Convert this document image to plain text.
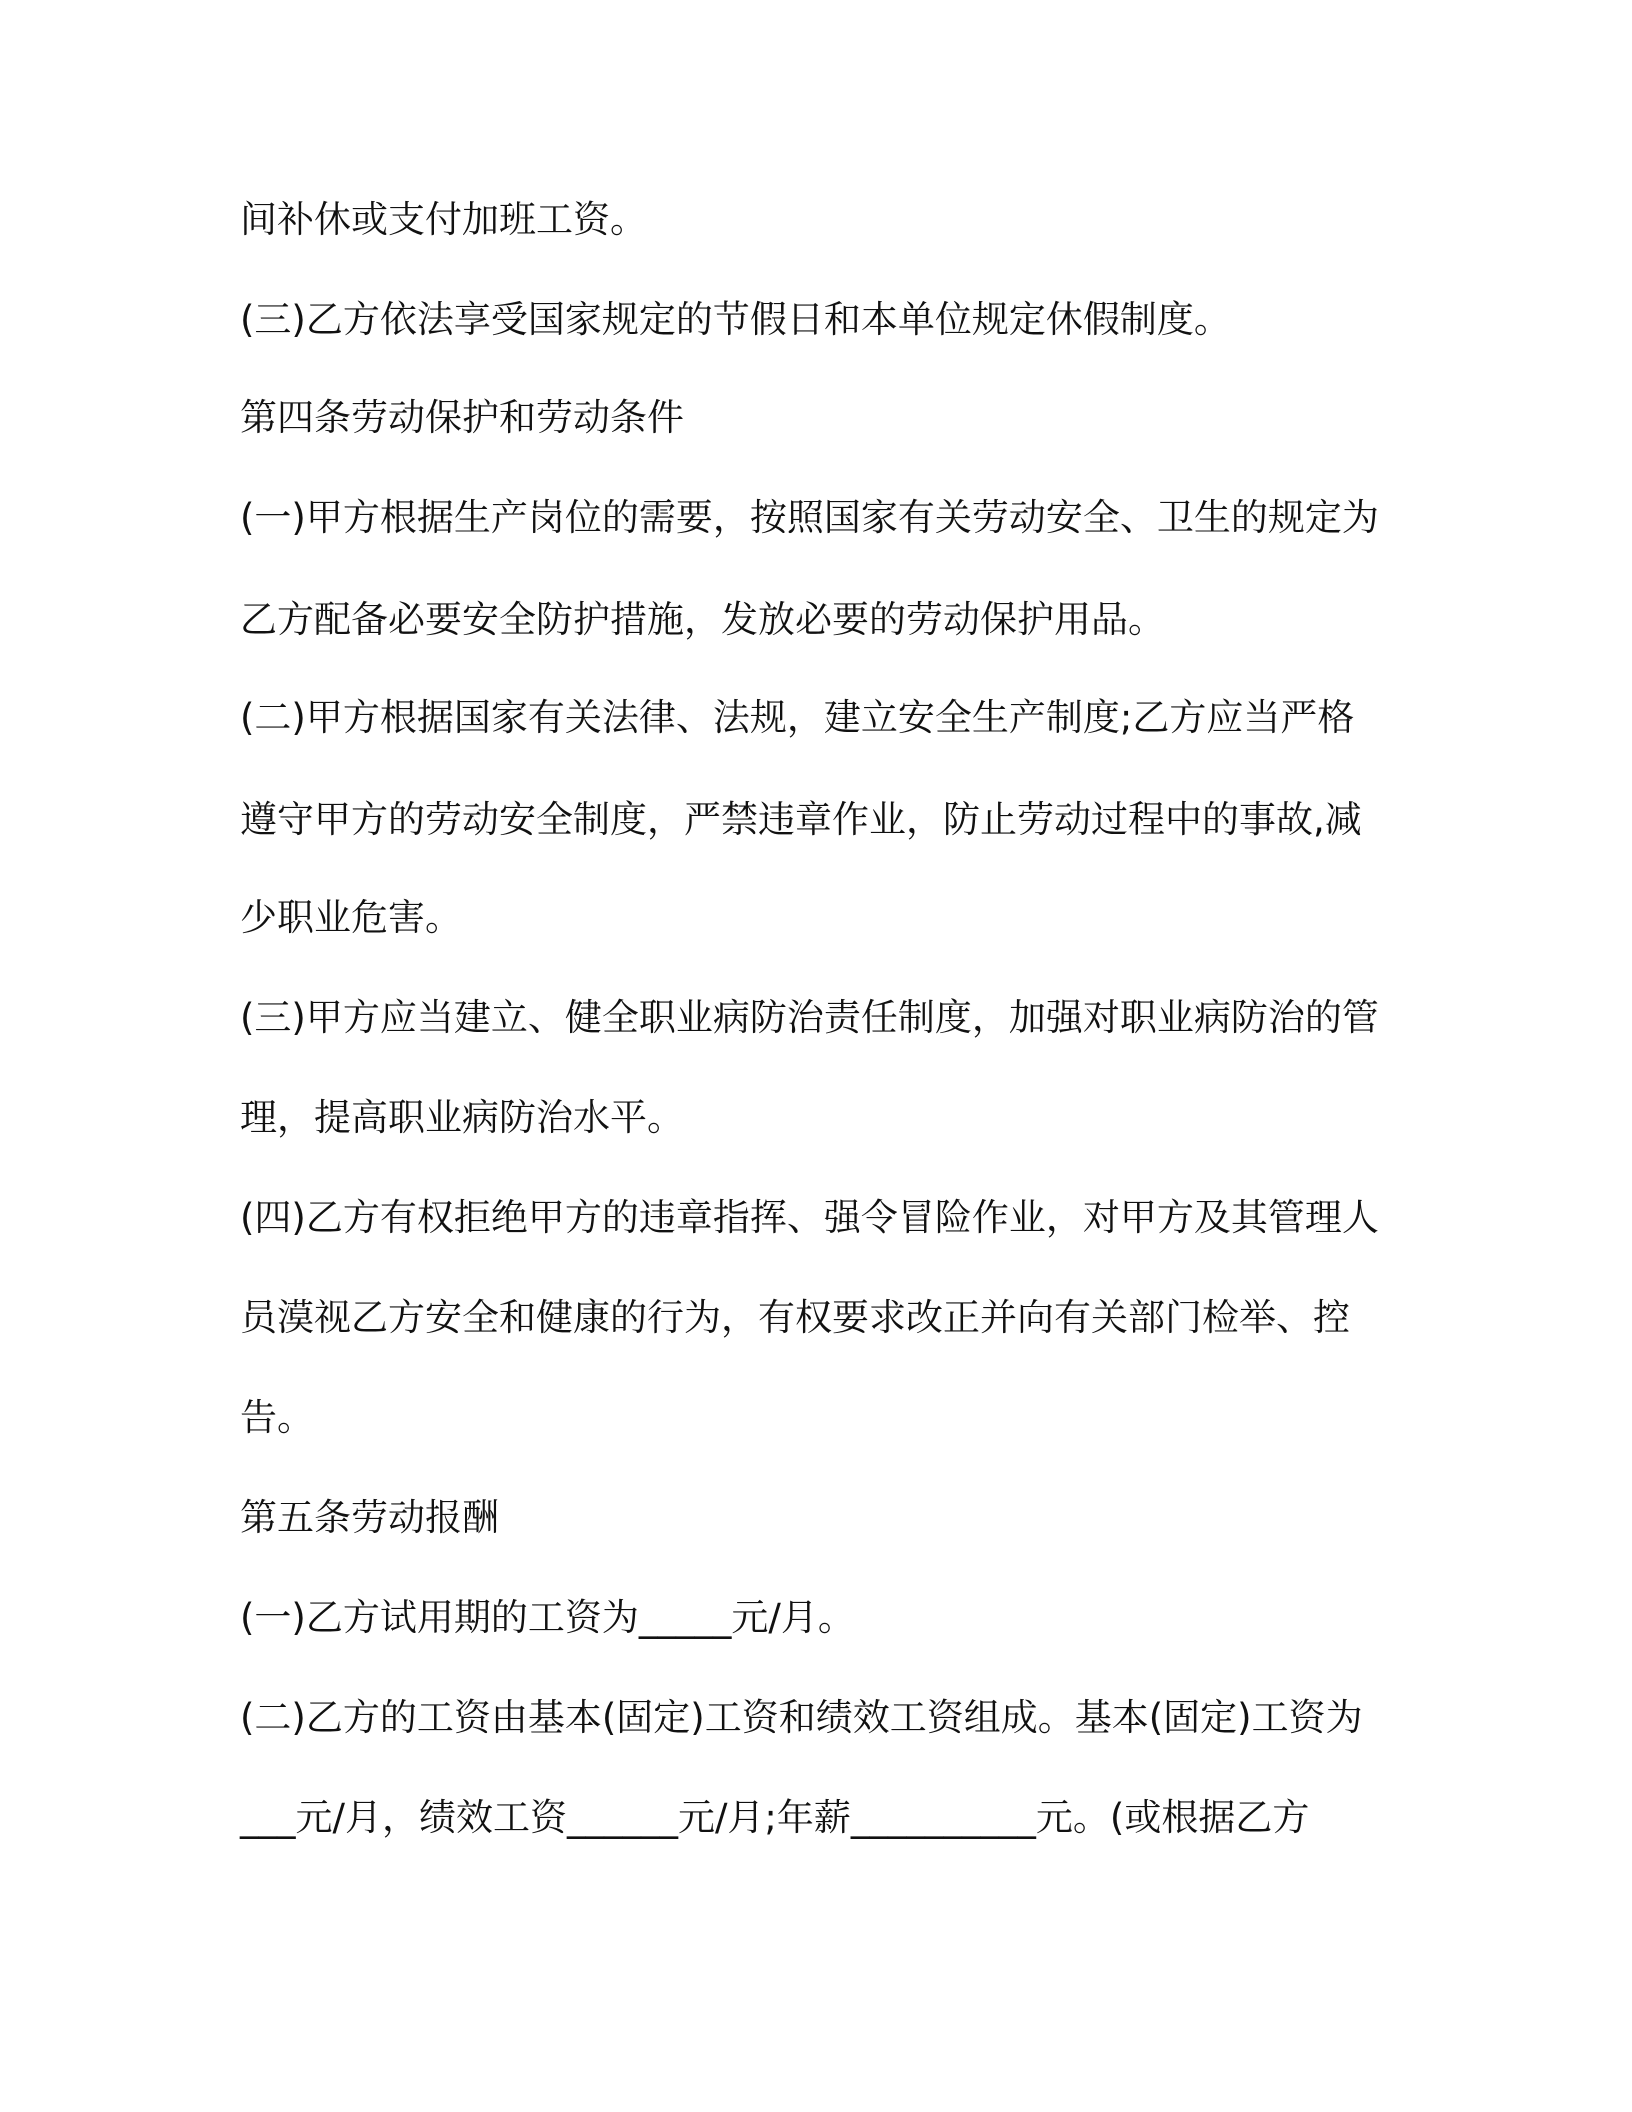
间补休或支付加班工资。
(三)乙方依法享受国家规定的节假日和本单位规定休假制度。
第四条劳动保护和劳动条件
(一)甲方根据生产岗位的需要，按照国家有关劳动安全、卫生的规定为
乙方配备必要安全防护措施，发放必要的劳动保护用品。
(二)甲方根据国家有关法律、法规，建立安全生产制度;乙方应当严格
遵守甲方的劳动安全制度，严禁违章作业，防止劳动过程中的事故,减
少职业危害。
(三)甲方应当建立、健全职业病防治责任制度，加强对职业病防治的管
理，提高职业病防治水平。
(四)乙方有权拒绝甲方的违章指挥、强令冒险作业，对甲方及其管理人
员漠视乙方安全和健康的行为，有权要求改正并向有关部门检举、控
告。
第五条劳动报酬
(一)乙方试用期的工资为_____元/月。
(二)乙方的工资由基本(固定)工资和绩效工资组成。基本(固定)工资为
___元/月，绩效工资______元/月;年薪__________元。(或根据乙方
